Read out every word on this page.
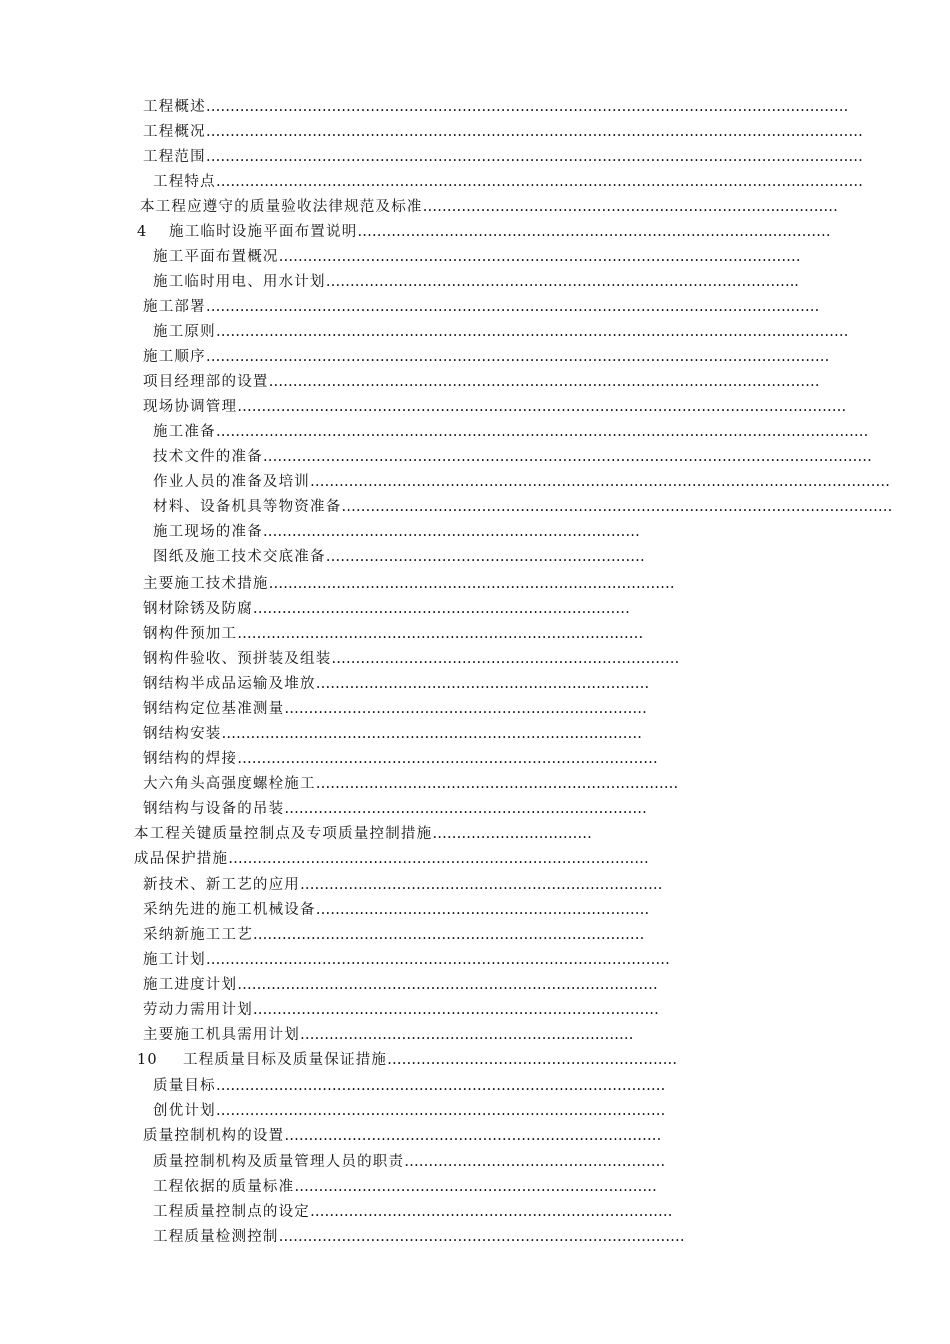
工程概述………………………………………………………………………………………………………….…………
工程概况…………………………………………………………………………………………………………….…………
工程范围…………………………………………………………………………………………………………….…………
工程特点…………………………………………………………………………………………………………..…………
本工程应遵守的质量验收法律规范及标准………………………………………………………………..…………
4 施工临时设施平面布置说明…………………………………………………………………………..…………
施工平面布置概况………………………………………………………………………………………………
施工临时用电、用水计划……………………………………………………………………………………..
施工部署………………………………………………………………………………………………………….……
施工原则………………………………………………………………………………………………………..…………
施工顺序…………………………………………………………………………………………………………………
项目经理部的设置……………………………………………………………………………………………………
现场协调管理………………………………………………………………………………………………………………
施工准备………………………………………………………………………………………………………………………
技术文件的准备………………………………………………………………………………………………………………
作业人员的准备及培训…………………………………………………………………………………………………………
材料、设备机具等物资准备……………………………………………………………………………………………………
施工现场的准备……………………………………………………………………
图纸及施工技术交底准备…………………………………………………………
主要施工技术措施…………………………………………………………………………
钢材除锈及防腐……………………………………………………………………
钢构件预加工…………………………………………………………………………
钢构件验收、预拼装及组装………………………………………………………………
钢结构半成品运输及堆放……………………………………………………………
钢结构定位基准测量…………………………………………………………………
钢结构安装……………………………………………………………………………
钢结构的焊接……………………………………………………………………………
大六角头高强度螺栓施工…………………………………………………………………
钢结构与设备的吊装…………………………………………………………………
本工程关键质量控制点及专项质量控制措施……………………………
成品保护措施……………………………………………………………………………
新技术、新工艺的应用…………………………………………………………………
采纳先进的施工机械设备……………………………………………………………
采纳新施工工艺………………………………………………………………………
施工计划……………………………………………………………………………………
施工进度计划……………………………………………………………………………
劳动力需用计划…………………………………………………………………………
主要施工机具需用计划……………………………………………………………
10 工程质量目标及质量保证措施……………………………………………………
质量目标…………………………………………………………………………………
创优计划…………………………………………………………………………………
质量控制机构的设置……………………………………………………………………
质量控制机构及质量管理人员的职责………………………………………………
工程依据的质量标准…………………………………………………………………
工程质量控制点的设定…………………………………………………………………
工程质量检测控制…………………………………………………………………………
